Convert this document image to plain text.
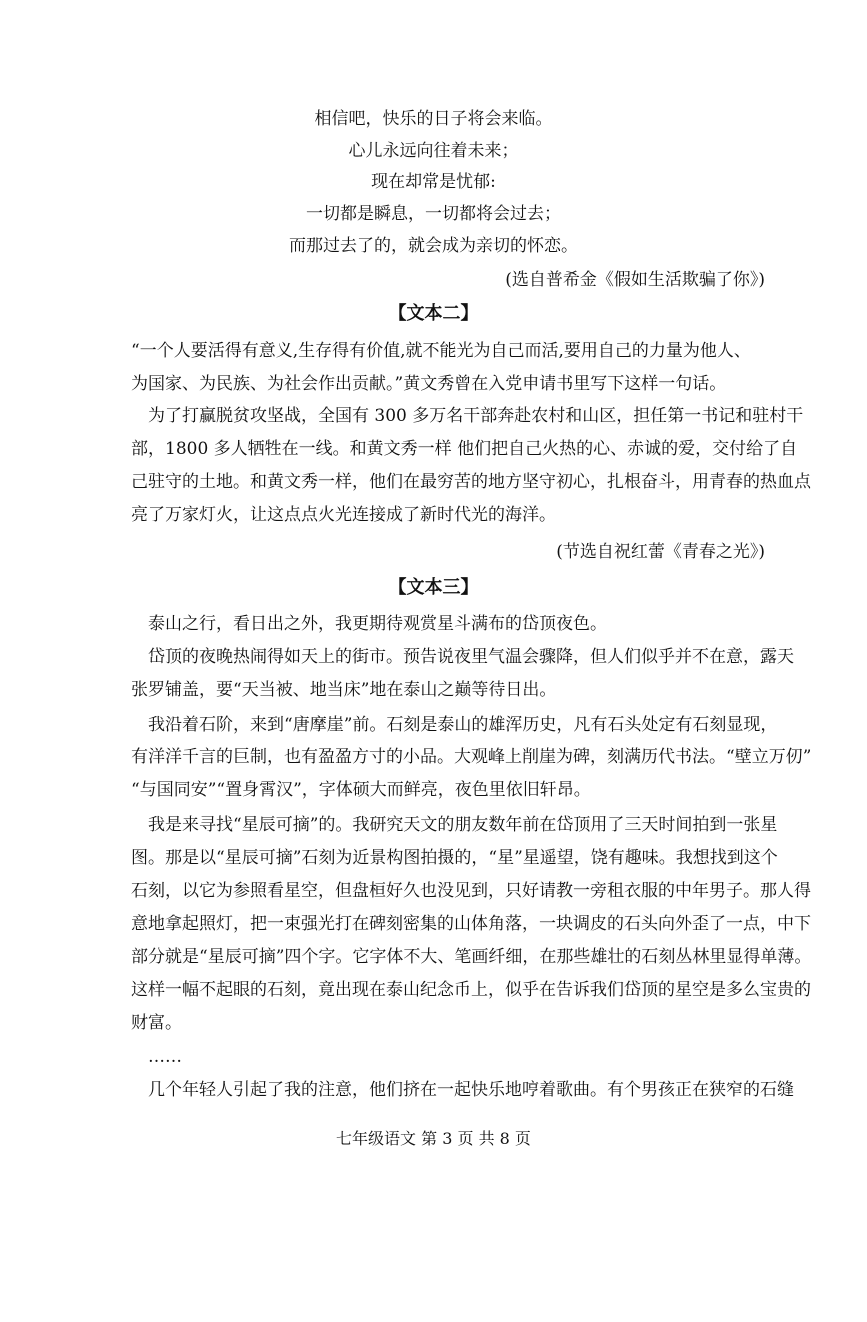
相信吧，快乐的日子将会来临。
心儿永远向往着未来；
现在却常是忧郁:
一切都是瞬息，一切都将会过去；
而那过去了的，就会成为亲切的怀恋。
(选自普希金《假如生活欺骗了你》)
【文本二】
“一个人要活得有意义,生存得有价值,就不能光为自己而活,要用自己的力量为他人、
为国家、为民族、为社会作出贡献。”黄文秀曾在入党申请书里写下这样一句话。
为了打赢脱贫攻坚战，全国有 300 多万名干部奔赴农村和山区，担任第一书记和驻村干
部，1800 多人牺牲在一线。和黄文秀一样 他们把自己火热的心、赤诚的爱，交付给了自
己驻守的土地。和黄文秀一样，他们在最穷苦的地方坚守初心，扎根奋斗，用青春的热血点
亮了万家灯火，让这点点火光连接成了新时代光的海洋。
(节选自祝红蕾《青春之光》)
【文本三】
泰山之行，看日出之外，我更期待观赏星斗满布的岱顶夜色。
岱顶的夜晚热闹得如天上的街市。预告说夜里气温会骤降，但人们似乎并不在意，露天
张罗铺盖，要“天当被、地当床”地在泰山之巅等待日出。
我沿着石阶，来到“唐摩崖”前。石刻是泰山的雄浑历史，凡有石头处定有石刻显现，
有洋洋千言的巨制，也有盈盈方寸的小品。大观峰上削崖为碑，刻满历代书法。“壁立万仞”
“与国同安”“置身霄汉”，字体硕大而鲜亮，夜色里依旧轩昂。
我是来寻找“星辰可摘”的。我研究天文的朋友数年前在岱顶用了三天时间拍到一张星
图。那是以“星辰可摘”石刻为近景构图拍摄的，“星”星遥望，饶有趣味。我想找到这个
石刻，以它为参照看星空，但盘桓好久也没见到，只好请教一旁租衣服的中年男子。那人得
意地拿起照灯，把一束强光打在碑刻密集的山体角落，一块调皮的石头向外歪了一点，中下
部分就是“星辰可摘”四个字。它字体不大、笔画纤细，在那些雄壮的石刻丛林里显得单薄。
这样一幅不起眼的石刻，竟出现在泰山纪念币上，似乎在告诉我们岱顶的星空是多么宝贵的
财富。
……
几个年轻人引起了我的注意，他们挤在一起快乐地哼着歌曲。有个男孩正在狭窄的石缝
七年级语文 第 3 页 共 8 页
